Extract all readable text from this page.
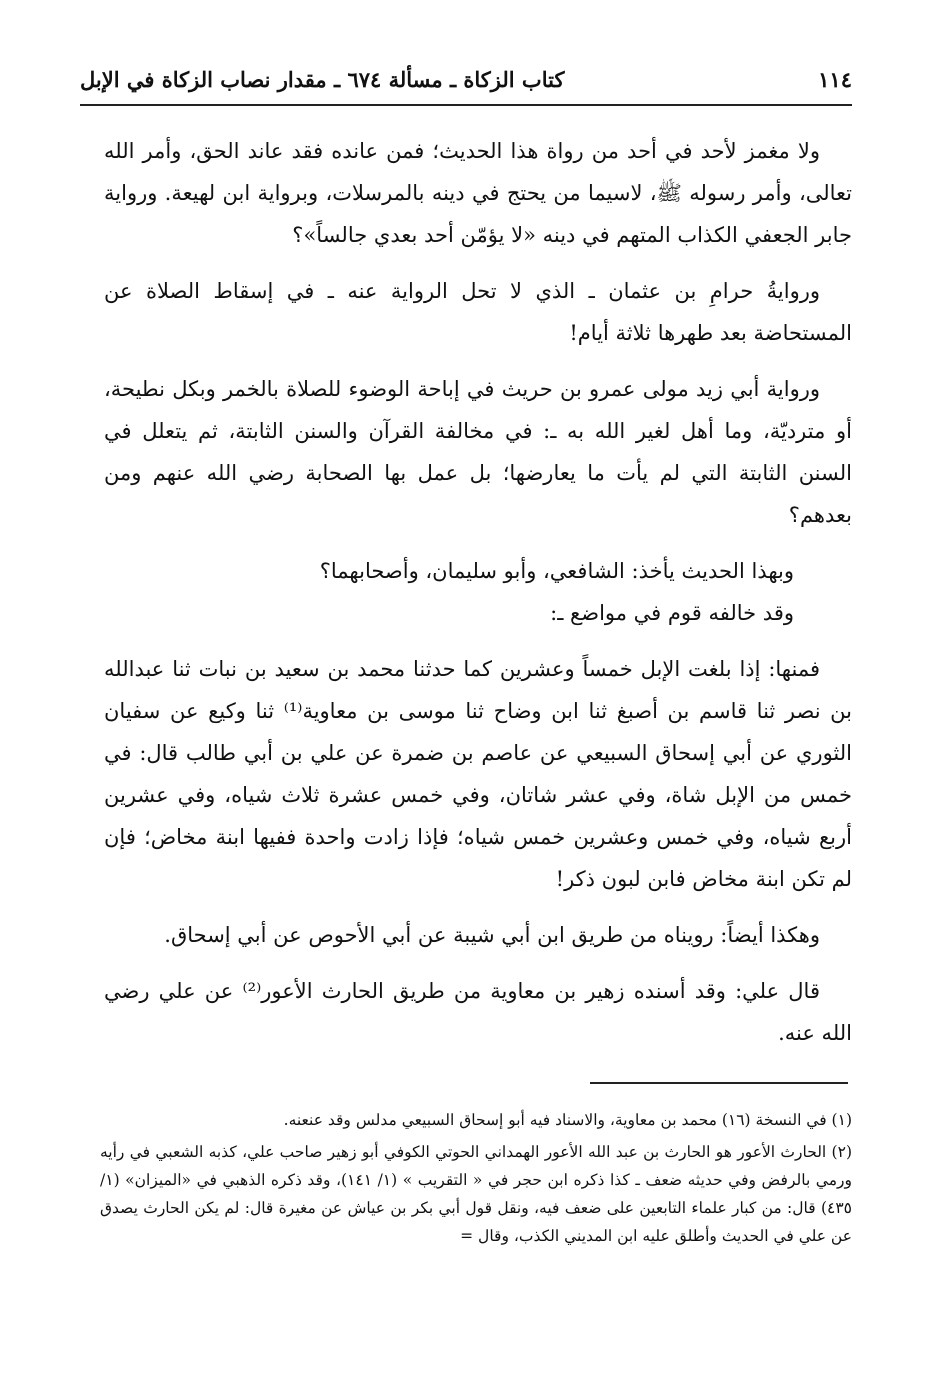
١١٤
كتاب الزكاة ـ مسألة ٦٧٤ ـ مقدار نصاب الزكاة في الإبل

ولا مغمز لأحد في أحد من رواة هذا الحديث؛ فمن عانده فقد عاند الحق، وأمر الله تعالى، وأمر رسوله ﷺ، لاسيما من يحتج في دينه بالمرسلات، وبرواية ابن لهيعة. ورواية جابر الجعفي الكذاب المتهم في دينه «لا يؤمّن أحد بعدي جالساً»؟

وروايةُ حرامِ بن عثمان ـ الذي لا تحل الرواية عنه ـ في إسقاط الصلاة عن المستحاضة بعد طهرها ثلاثة أيام!

ورواية أبي زيد مولى عمرو بن حريث في إباحة الوضوء للصلاة بالخمر وبكل نطيحة، أو مترديّة، وما أهل لغير الله به ـ: في مخالفة القرآن والسنن الثابتة، ثم يتعلل في السنن الثابتة التي لم يأت ما يعارضها؛ بل عمل بها الصحابة رضي الله عنهم ومن بعدهم؟

وبهذا الحديث يأخذ: الشافعي، وأبو سليمان، وأصحابهما؟

وقد خالفه قوم في مواضع ـ:

فمنها: إذا بلغت الإبل خمساً وعشرين كما حدثنا محمد بن سعيد بن نبات ثنا عبدالله بن نصر ثنا قاسم بن أصبغ ثنا ابن وضاح ثنا موسى بن معاوية⁽¹⁾ ثنا وكيع عن سفيان الثوري عن أبي إسحاق السبيعي عن عاصم بن ضمرة عن علي بن أبي طالب قال: في خمس من الإبل شاة، وفي عشر شاتان، وفي خمس عشرة ثلاث شياه، وفي عشرين أربع شياه، وفي خمس وعشرين خمس شياه؛ فإذا زادت واحدة ففيها ابنة مخاض؛ فإن لم تكن ابنة مخاض فابن لبون ذكر!

وهكذا أيضاً: رويناه من طريق ابن أبي شيبة عن أبي الأحوص عن أبي إسحاق.

قال علي: وقد أسنده زهير بن معاوية من طريق الحارث الأعور⁽²⁾ عن علي رضي الله عنه.

(١) في النسخة (١٦) محمد بن معاوية، والاسناد فيه أبو إسحاق السبيعي مدلس وقد عنعنه.

(٢) الحارث الأعور هو الحارث بن عبد الله الأعور الهمداني الحوتي الكوفي أبو زهير صاحب علي، كذبه الشعبي في رأيه ورمي بالرفض وفي حديثه ضعف ـ كذا ذكره ابن حجر في « التقريب » (١/ ١٤١)، وقد ذكره الذهبي في «الميزان» (١/ ٤٣٥) قال: من كبار علماء التابعين على ضعف فيه، ونقل قول أبي بكر بن عياش عن مغيرة قال: لم يكن الحارث يصدق عن علي في الحديث وأطلق عليه ابن المديني الكذب، وقال =
